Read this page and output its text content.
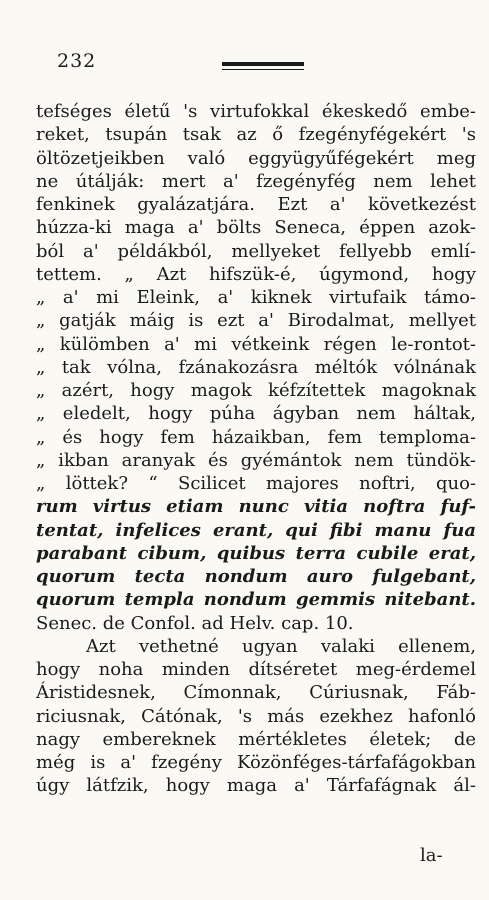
232
tefséges életű 's virtufokkal ékeskedő embe-
reket, tsupán tsak az ő fzegényfégekért 's
öltözetjeikben való eggyügyűfégekért meg
ne útálják: mert a' fzegényfég nem lehet
fenkinek gyalázatjára. Ezt a' következést
húzza-ki maga a' bölts Seneca, éppen azok-
ból a' példákból, mellyeket fellyebb emlí-
tettem. „ Azt hifszük-é, úgymond, hogy
„ a' mi Eleink, a' kiknek virtufaik támo-
„ gatják máig is ezt a' Birodalmat, mellyet
„ külömben a' mi vétkeink régen le-rontot-
„ tak vólna, fzánakozásra méltók vólnának
„ azért, hogy magok kéfzítettek magoknak
„ eledelt, hogy púha ágyban nem háltak,
„ és hogy fem házaikban, fem temploma-
„ ikban aranyak és gyémántok nem tündök-
„ löttek? “ Scilicet majores noftri, quo-
rum virtus etiam nunc vitia noftra fuf-
tentat, infelices erant, qui fibi manu fua
parabant cibum, quibus terra cubile erat,
quorum tecta nondum auro fulgebant,
quorum templa nondum gemmis nitebant.
Senec. de Confol. ad Helv. cap. 10.
Azt vethetné ugyan valaki ellenem,
hogy noha minden dítséretet meg-érdemel
Áristidesnek, Címonnak, Cúriusnak, Fáb-
riciusnak, Cátónak, 's más ezekhez hafonló
nagy embereknek mértékletes életek; de
még is a' fzegény Közönféges-tárfafágokban
úgy látfzik, hogy maga a' Tárfafágnak ál-
la-
